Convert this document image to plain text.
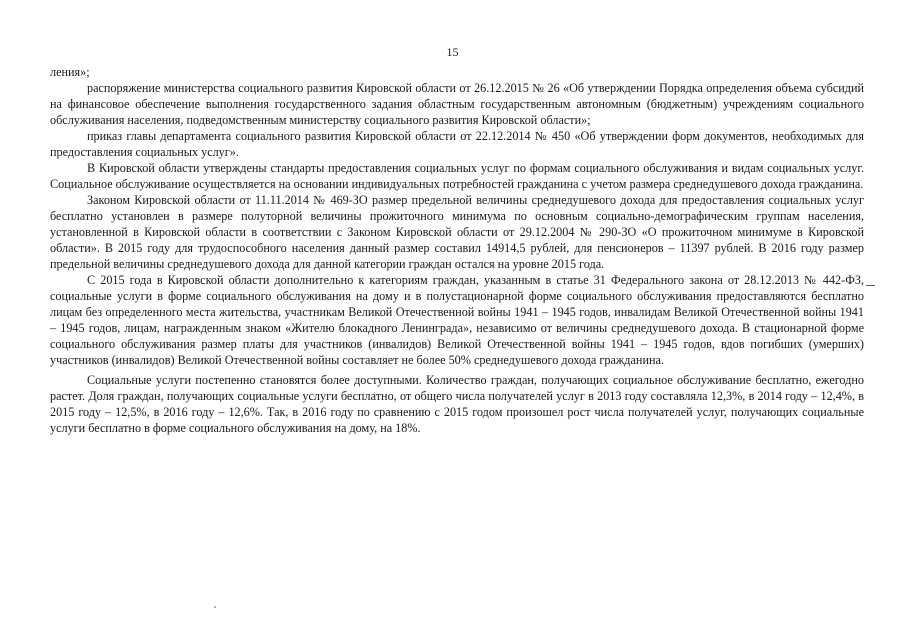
15

ления»;

распоряжение министерства социального развития Кировской области от 26.12.2015 № 26 «Об утверждении Порядка определения объема субсидий на финансовое обеспечение выполнения государственного задания областным государственным автономным (бюджетным) учреждениям социального обслуживания населения, подведомственным министерству социального развития Кировской области»;

приказ главы департамента социального развития Кировской области от 22.12.2014 № 450 «Об утверждении форм документов, необходимых для предоставления социальных услуг».

В Кировской области утверждены стандарты предоставления социальных услуг по формам социального обслуживания и видам социальных услуг. Социальное обслуживание осуществляется на основании индивидуальных потребностей гражданина с учетом размера среднедушевого дохода гражданина.

Законом Кировской области от 11.11.2014 № 469-ЗО размер предельной величины среднедушевого дохода для предоставления социальных услуг бесплатно установлен в размере полуторной величины прожиточного минимума по основным социально-демографическим группам населения, установленной в Кировской области в соответствии с Законом Кировской области от 29.12.2004 № 290-ЗО «О прожиточном минимуме в Кировской области». В 2015 году для трудоспособного населения данный размер составил 14914,5 рублей, для пенсионеров – 11397 рублей. В 2016 году размер предельной величины среднедушевого дохода для данной категории граждан остался на уровне 2015 года.

С 2015 года в Кировской области дополнительно к категориям граждан, указанным в статье 31 Федерального закона от 28.12.2013 № 442-ФЗ, социальные услуги в форме социального обслуживания на дому и в полустационарной форме социального обслуживания предоставляются бесплатно лицам без определенного места жительства, участникам Великой Отечественной войны 1941 – 1945 годов, инвалидам Великой Отечественной войны 1941 – 1945 годов, лицам, награжденным знаком «Жителю блокадного Ленинграда», независимо от величины среднедушевого дохода. В стационарной форме социального обслуживания размер платы для участников (инвалидов) Великой Отечественной войны 1941 – 1945 годов, вдов погибших (умерших) участников (инвалидов) Великой Отечественной войны составляет не более 50% среднедушевого дохода гражданина.

Социальные услуги постепенно становятся более доступными. Количество граждан, получающих социальное обслуживание бесплатно, ежегодно растет. Доля граждан, получающих социальные услуги бесплатно, от общего числа получателей услуг в 2013 году составляла 12,3%, в 2014 году – 12,4%, в 2015 году – 12,5%, в 2016 году – 12,6%. Так, в 2016 году по сравнению с 2015 годом произошел рост числа получателей услуг, получающих социальные услуги бесплатно в форме социального обслуживания на дому, на 18%.
